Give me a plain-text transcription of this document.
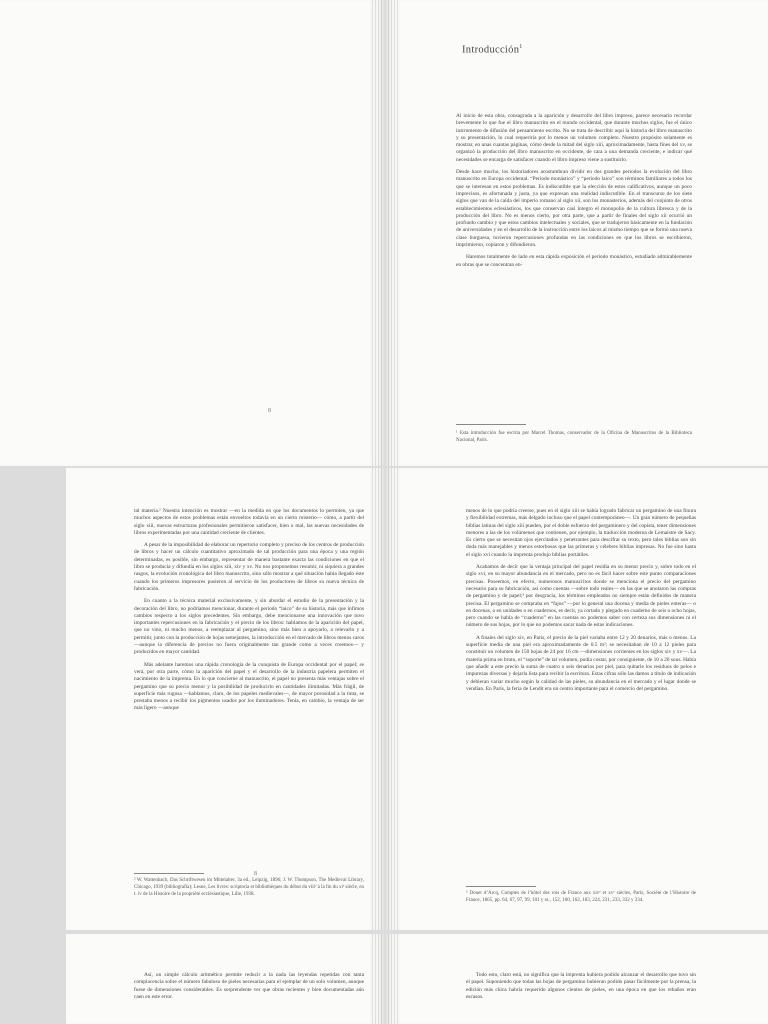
8
Introducción$^1$

Al inicio de esta obra, consagrada a la aparición y desarrollo del libro impreso, parece necesario recordar brevemente lo que fue el libro manuscrito en el mundo occidental, que durante muchos siglos, fue el único instrumento de difusión del pensamiento escrito. No se trata de describir aquí la historia del libro manuscrito y su presentación, lo cual requeriría por lo menos un volumen completo. Nuestro propósito solamente es mostrar, en unas cuantas páginas, cómo desde la mitad del siglo xiii, aproximadamente, hasta fines del xv, se organizó la producción del libro manuscrito en occidente, de cara a una demanda creciente, e indicar qué necesidades se encarga de satisfacer cuando el libro impreso viene a sustituirlo.

Desde hace mucho, los historiadores acostumbran dividir en dos grandes periodos la evolución del libro manuscrito en Europa occidental. “Periodo monástico” y “periodo laico” son términos familiares a todos los que se interesan en estos problemas. Es indiscutible que la elección de estos calificativos, aunque un poco imprecisos, es afortunada y justa, ya que expresan una realidad indiscutible. En el transcurso de los siete siglos que van de la caída del imperio romano al siglo xii, son los monasterios, además del conjunto de otros establecimientos eclesiásticos, los que conservan casi íntegro el monopolio de la cultura libresca y de la producción del libro. No es menos cierto, por otra parte, que a partir de finales del siglo xii ocurrió un profundo cambio y que estos cambios intelectuales y sociales, que se tradujeron básicamente en la fundación de universidades y en el desarrollo de la instrucción entre los laicos al mismo tiempo que se formó una nueva clase burguesa, tuvieron repercusiones profundas en las condiciones en que los libros se escribieron, imprimieron, copiaron y difundieron.

Haremos totalmente de lado en esta rápida exposición el periodo monástico, estudiado admirablemente en obras que se concentran en-

¹ Esta introducción fue escrita por Marcel Thomas, conservador de la Oficina de Manuscritos de la Biblioteca Nacional, París.

tal materia.² Nuestra intención es mostrar —en la medida en que los documentos lo permiten, ya que muchos aspectos de estos problemas están envueltos todavía en un cierto misterio— cómo, a partir del siglo xiii, nuevas estructuras profesionales permitieron satisfacer, bien o mal, las nuevas necesidades de libros experimentadas por una cantidad creciente de clientes.

A pesar de la imposibilidad de elaborar un repertorio completo y preciso de los centros de producción de libros y hacer un cálculo cuantitativo aproximado de tal producción para una época y una región determinadas, es posible, sin embargo, representar de manera bastante exacta las condiciones en que el libro se producía y difundía en los siglos xiii, xiv y xv. No nos proponemos resumir, ni siquiera a grandes rasgos, la evolución cronológica del libro manuscrito, sino sólo mostrar a qué situación había llegado éste cuando los primeros impresores pusieron al servicio de los productores de libros su nueva técnica de fabricación.

En cuanto a la técnica material exclusivamente, y sin abordar el estudio de la presentación y la decoración del libro, no podríamos mencionar, durante el periodo “laico” de su historia, más que ínfimos cambios respecto a los siglos precedentes. Sin embargo, debe mencionarse una innovación que tuvo importantes repercusiones en la fabricación y el precio de los libros: hablamos de la aparición del papel, que no vino, ni mucho menos, a reemplazar al pergamino, sino más bien a apoyarlo, a relevarlo y a permitir, junto con la producción de hojas semejantes, la introducción en el mercado de libros menos caros —aunque la diferencia de precios no fuera originalmente tan grande como a veces creemos— y producidos en mayor cantidad.

Más adelante haremos una rápida cronología de la conquista de Europa occidental por el papel; se verá, por otra parte, cómo la aparición del papel y el desarrollo de la industria papelera permiten el nacimiento de la imprenta. En lo que concierne al manuscrito, el papel no presenta más ventajas sobre el pergamino que su precio menor y la posibilidad de producirlo en cantidades ilimitadas. Más frágil, de superficie más rugosa —hablamos, claro, de los papeles medievales—, de mayor porosidad a la tinta, se prestaba menos a recibir los pigmentos usados por los iluminadores. Tenía, en cambio, la ventaja de ser más ligero —aunque

8
² W. Wattenbach, Das Schriftwesen im Mittelalter, 3a ed., Leipzig, 1896; J. W. Thompson, The Medieval Library, Chicago, 1939 (bibliografía); Lesne, Les livres: scriptoria et bibliothèques du début du viiiᵉ à la fin du xiᵉ siècle, en t. iv de la Histoire de la propriété ecclésiastique, Lille, 1938.

menos de lo que podría creerse, pues en el siglo xiii se había logrado fabricar un pergamino de una finura y flexibilidad extremas, más delgado incluso que el papel contemporáneo—. Un gran número de pequeñas biblias latinas del siglo xiii pueden, por el doble esfuerzo del pergaminero y del copista, tener dimensiones menores a las de los volúmenes que contienen, por ejemplo, la traducción moderna de Lemaistre de Sacy. Es cierto que se necesitan ojos ejercitados y penetrantes para descifrar su texto, pero tales biblias son sin duda más manejables y menos estorbosas que las primeras y célebres biblias impresas. No fue sino hasta el siglo xvi cuando la imprenta produjo biblias portátiles.

Acabamos de decir que la ventaja principal del papel residía en su menor precio y, sobre todo en el siglo xvi, en su mayor abundancia en el mercado, pero no es fácil hacer sobre este punto comparaciones precisas. Poseemos, en efecto, numerosos manuscritos donde se menciona el precio del pergamino necesario para su fabricación, así como cuentas —sobre todo reales— en las que se anotaron las compras de pergamino y de papel;³ por desgracia, los términos empleados no siempre están definidos de manera precisa. El pergamino se compraba en “fajos” —por lo general una docena y media de pieles enteras— o en docenas, o en unidades o en cuadernos, es decir, ya cortado y plegado en cuaderno de seis u ocho hojas, pero cuando se habla de “cuaderno” en las cuentas no podemos saber con certeza sus dimensiones ni el número de sus hojas, por lo que no podemos sacar nada de estas indicaciones.

A finales del siglo xiv, en París, el precio de la piel variaba entre 12 y 20 denarios, más o menos. La superficie media de una piel era aproximadamente de 0.5 m²; se necesitaban de 10 a 12 pieles para constituir un volumen de 150 hojas de 24 por 16 cm —dimensiones corrientes en los siglos xiv y xv—. La materia prima en bruto, el “soporte” de tal volumen, podía costar, por consiguiente, de 10 a 20 sous. Había que añadir a este precio la suma de cuatro o seis denarios por piel, para quitarle los residuos de pelos e impurezas diversas y dejarla lista para recibir la escritura. Estas cifras sólo las damos a título de indicación y debieran variar mucho según la calidad de las pieles, su abundancia en el mercado y el lugar donde se vendían. En París, la feria de Lendit era un centro importante para el comercio del pergamino.

³ Douet d’Arcq, Comptes de l’hôtel des rois de France aux xivᵉ et xvᵉ siècles, París, Société de l’Histoire de France, 1865, pp. 64, 67, 97, 99, 101 y ss., 152, 160, 162, 183, 224, 231, 233, 332 y 334.

Así, un simple cálculo aritmético permite reducir a la nada las leyendas repetidas con tanta complacencia sobre el número fabuloso de pieles necesarias para el ejemplar de un solo volumen, aunque fuese de dimensiones considerables. Es sorprendente ver que obras recientes y bien documentadas aún caen en este error.

Todo esto, claro está, no significa que la imprenta hubiera podido alcanzar el desarrollo que tuvo sin el papel. Suponiendo que todas las hojas de pergamino hubieran podido pasar fácilmente por la prensa, la edición más chica habría requerido algunos cientos de pieles, en una época en que los rebaños eran escasos.
